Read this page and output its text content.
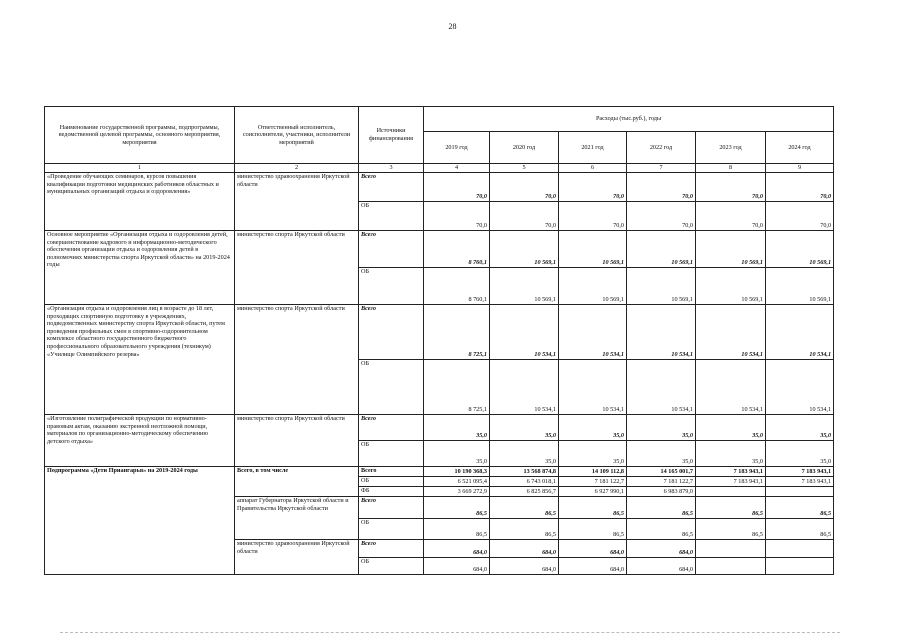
28
Наименование государственной программы, подпрограммы, ведомственной целевой программы, основного мероприятия, мероприятия	Ответственный исполнитель, соисполнители, участники, исполнители мероприятий	Источники финансирования	Расходы (тыс.руб.), годы					
			2019 год	2020 год	2021 год	2022 год	2023 год	2024 год
1	2	3	4	5	6	7	8	9
«Проведение обучающих семинаров, курсов повышения квалификации подготовки медицинских работников областных и муниципальных организаций отдыха и оздоровления»	министерство здравоохранения Иркутской области	Всего	70,0	70,0	70,0	70,0	70,0	70,0
		ОБ	70,0	70,0	70,0	70,0	70,0	70,0
Основное мероприятие «Организация отдыха и оздоровления детей, совершенствование кадрового и информационно-методического обеспечения организации отдыха и оздоровления детей в полномочиях министерства спорта Иркутской области» на 2019-2024 годы	министерство спорта Иркутской области	Всего	8 760,1	10 569,1	10 569,1	10 569,1	10 569,1	10 569,1
		ОБ	8 760,1	10 569,1	10 569,1	10 569,1	10 569,1	10 569,1
«Организация отдыха и оздоровления лиц в возрасте до 18 лет, проходящих спортивную подготовку в учреждениях, подведомственных министерству спорта Иркутской области, путем проведения профильных смен в спортивно-оздоровительном комплексе областного государственного бюджетного профессионального образовательного учреждения (техникум) «Училище Олимпийского резерва»	министерство спорта Иркутской области	Всего	8 725,1	10 534,1	10 534,1	10 534,1	10 534,1	10 534,1
		ОБ	8 725,1	10 534,1	10 534,1	10 534,1	10 534,1	10 534,1
«Изготовление полиграфической продукции по нормативно-правовым актам, оказанию экстренной неотложной помощи, материалов по организационно-методическому обеспечению детского отдыха»	министерство спорта Иркутской области	Всего	35,0	35,0	35,0	35,0	35,0	35,0
		ОБ	35,0	35,0	35,0	35,0	35,0	35,0
Подпрограмма «Дети Приангарья» на 2019-2024 годы	Всего, в том числе	Всего	10 190 368,3	13 568 874,8	14 109 112,8	14 165 001,7	7 183 943,1	7 183 943,1
		ОБ	6 521 095,4	6 743 018,1	7 181 122,7	7 181 122,7	7 183 943,1	7 183 943,1
		ФБ	3 669 272,9	6 825 856,7	6 927 990,1	6 983 879,0		
	аппарат Губернатора Иркутской области и Правительства Иркутской области	Всего	86,5	86,5	86,5	86,5	86,5	86,5
		ОБ	86,5	86,5	86,5	86,5	86,5	86,5
	министерство здравоохранения Иркутской области	Всего	684,0	684,0	684,0	684,0		
		ОБ	684,0	684,0	684,0	684,0		
